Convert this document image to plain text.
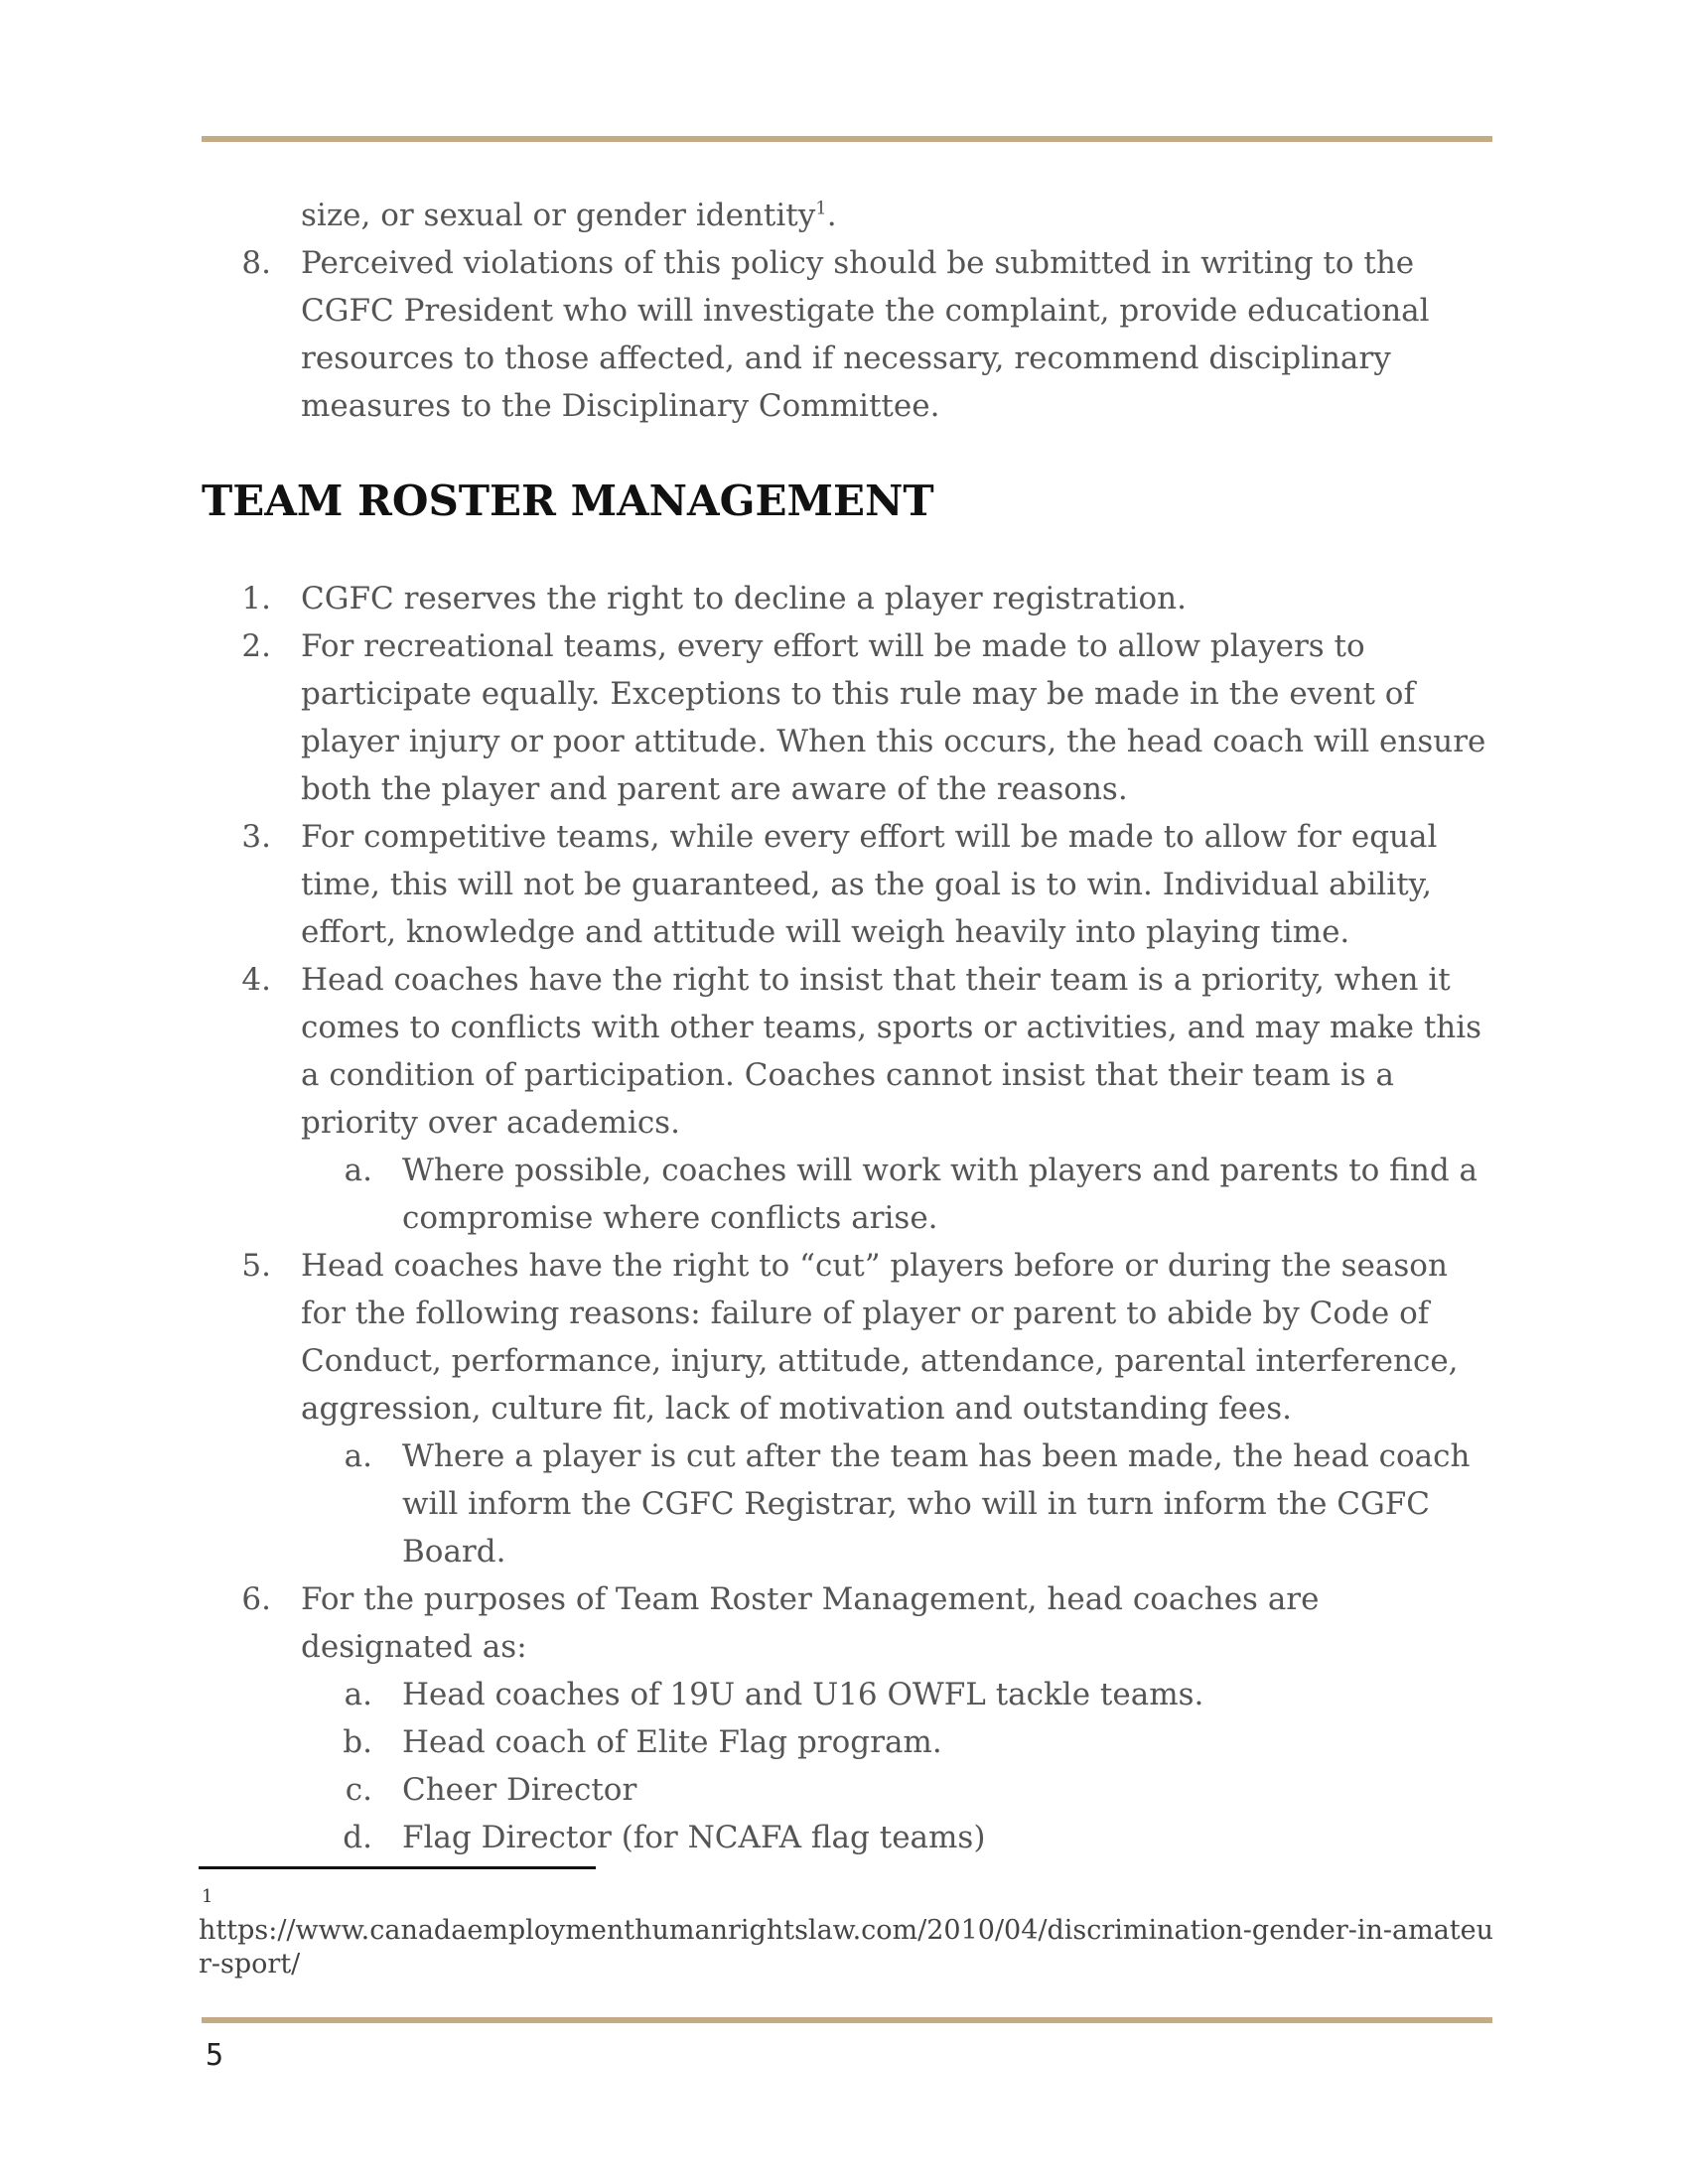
size, or sexual or gender identity$^1$.
8. Perceived violations of this policy should be submitted in writing to the CGFC President who will investigate the complaint, provide educational resources to those affected, and if necessary, recommend disciplinary measures to the Disciplinary Committee.
TEAM ROSTER MANAGEMENT
1. CGFC reserves the right to decline a player registration.
2. For recreational teams, every effort will be made to allow players to participate equally. Exceptions to this rule may be made in the event of player injury or poor attitude. When this occurs, the head coach will ensure both the player and parent are aware of the reasons.
3. For competitive teams, while every effort will be made to allow for equal time, this will not be guaranteed, as the goal is to win. Individual ability, effort, knowledge and attitude will weigh heavily into playing time.
4. Head coaches have the right to insist that their team is a priority, when it comes to conflicts with other teams, sports or activities, and may make this a condition of participation. Coaches cannot insist that their team is a priority over academics.
a. Where possible, coaches will work with players and parents to find a compromise where conflicts arise.
5. Head coaches have the right to “cut” players before or during the season for the following reasons: failure of player or parent to abide by Code of Conduct, performance, injury, attitude, attendance, parental interference, aggression, culture fit, lack of motivation and outstanding fees.
a. Where a player is cut after the team has been made, the head coach will inform the CGFC Registrar, who will in turn inform the CGFC Board.
6. For the purposes of Team Roster Management, head coaches are designated as:
a. Head coaches of 19U and U16 OWFL tackle teams.
b. Head coach of Elite Flag program.
c. Cheer Director
d. Flag Director (for NCAFA flag teams)
1
https://www.canadaemploymenthumanrightslaw.com/2010/04/discrimination-gender-in-amateur-sport/
5
